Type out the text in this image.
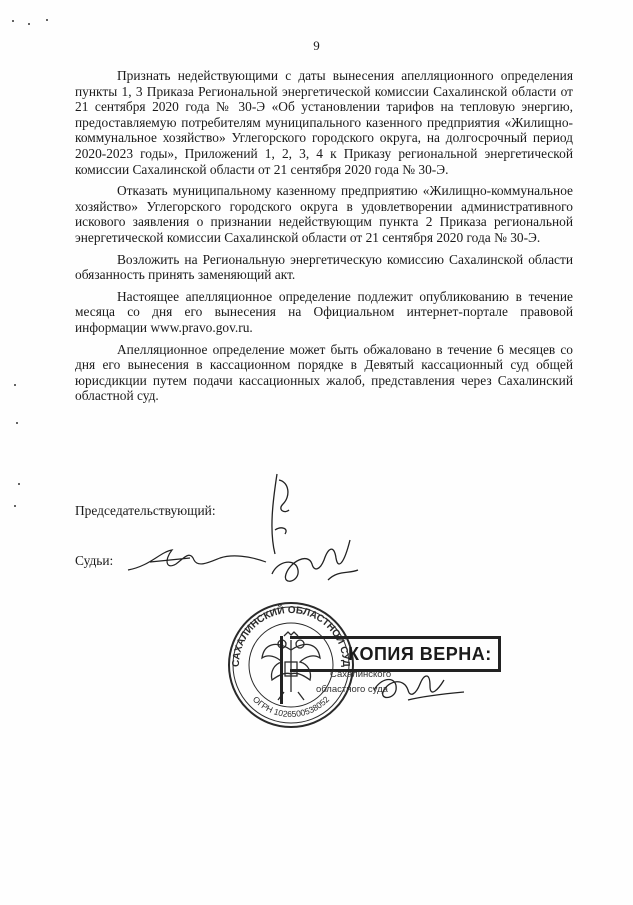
9

Признать недействующими с даты вынесения апелляционного определения пункты 1, 3 Приказа Региональной энергетической комиссии Сахалинской области от 21 сентября 2020 года № 30-Э «Об установлении тарифов на тепловую энергию, предоставляемую потребителям муниципального казенного предприятия «Жилищно-коммунальное хозяйство» Углегорского городского округа, на долгосрочный период 2020-2023 годы», Приложений 1, 2, 3, 4 к Приказу региональной энергетической комиссии Сахалинской области от 21 сентября 2020 года № 30-Э.

Отказать муниципальному казенному предприятию «Жилищно-коммунальное хозяйство» Углегорского городского округа в удовлетворении административного искового заявления о признании недействующим пункта 2 Приказа региональной энергетической комиссии Сахалинской области от 21 сентября 2020 года № 30-Э.

Возложить на Региональную энергетическую комиссию Сахалинской области обязанность принять заменяющий акт.

Настоящее апелляционное определение подлежит опубликованию в течение месяца со дня его вынесения на Официальном интернет-портале правовой информации www.pravo.gov.ru.

Апелляционное определение может быть обжаловано в течение 6 месяцев со дня его вынесения в кассационном порядке в Девятый кассационный суд общей юрисдикции путем подачи кассационных жалоб, представления через Сахалинский областной суд.

Председательствующий:
Судьи:
САХАЛИНСКИЙ ОБЛАСТНОЙ СУД
ОГРН 1026500538052
КОПИЯ ВЕРНА:
Сахалинского
областного суда
